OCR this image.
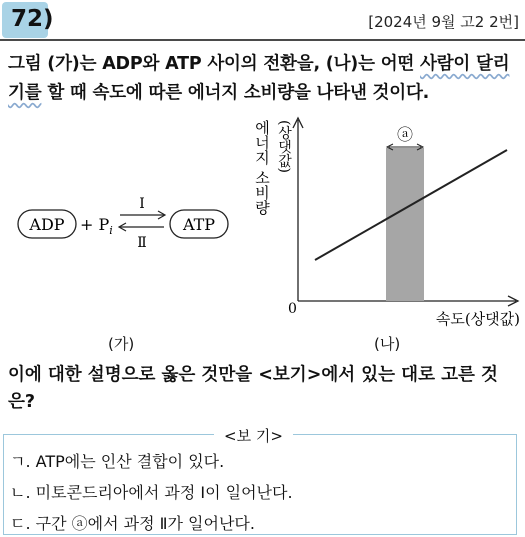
72)	[2024년 9월 고2 2번]
그림 (가)는 ADP와 ATP 사이의 전환을, (나)는 어떤 사람이 달리기를 할 때 속도에 따른 에너지 소비량을 나타낸 것이다.
ADP + $P_i$
Ⅰ
Ⅱ
ATP
(가)
에너지 소비량 (상댓값)
0
ⓐ
속도(상댓값)
(나)
이에 대한 설명으로 옳은 것만을 <보기>에서 있는 대로 고른 것은?
<보 기>
ㄱ. ATP에는 인산 결합이 있다.
ㄴ. 미토콘드리아에서 과정 Ⅰ이 일어난다.
ㄷ. 구간 ⓐ에서 과정 Ⅱ가 일어난다.
